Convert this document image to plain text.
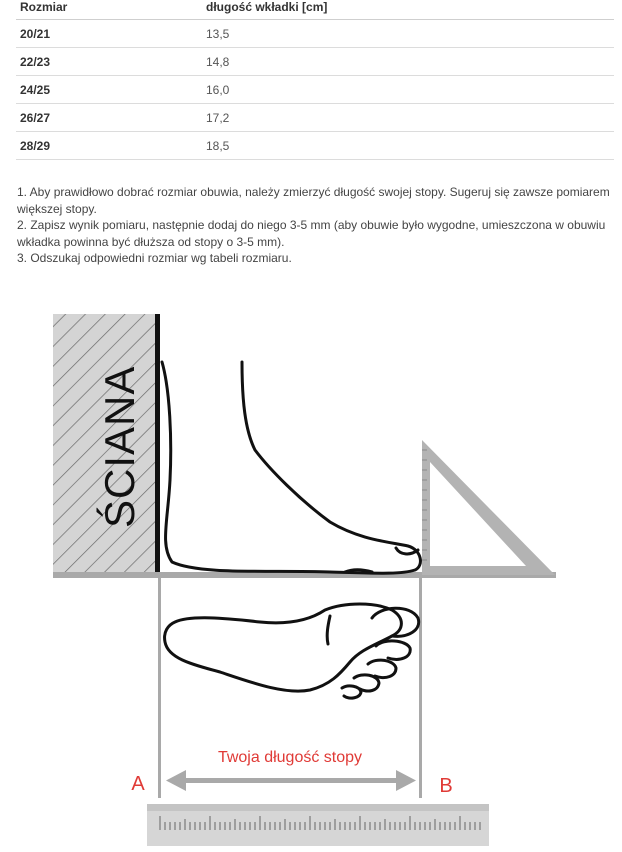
Rozmiar	długość wkładki [cm]
20/21	13,5
22/23	14,8
24/25	16,0
26/27	17,2
28/29	18,5

1. Aby prawidłowo dobrać rozmiar obuwia, należy zmierzyć długość swojej stopy. Sugeruj się zawsze pomiarem większej stopy.

2. Zapisz wynik pomiaru, następnie dodaj do niego 3-5 mm (aby obuwie było wygodne, umieszczona w obuwiu wkładka powinna być dłuższa od stopy o 3-5 mm).

3. Odszukaj odpowiedni rozmiar wg tabeli rozmiaru.

ŚCIANA
Twoja długość stopy
A	B
